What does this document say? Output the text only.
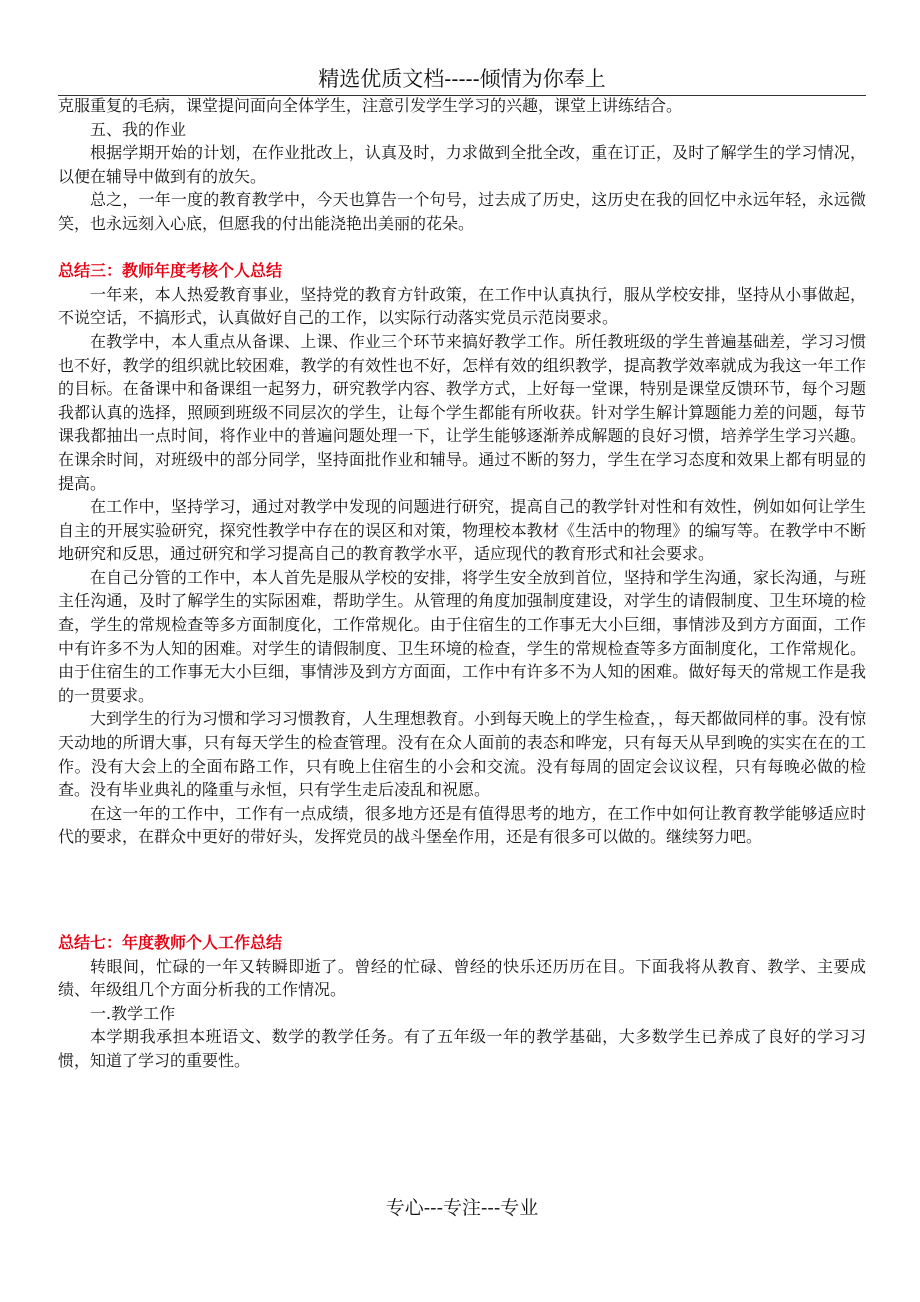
精选优质文档-----倾情为你奉上

克服重复的毛病，课堂提问面向全体学生，注意引发学生学习的兴趣，课堂上讲练结合。

五、我的作业

根据学期开始的计划，在作业批改上，认真及时，力求做到全批全改，重在订正，及时了解学生的学习情况，以便在辅导中做到有的放矢。

总之，一年一度的教育教学中，今天也算告一个句号，过去成了历史，这历史在我的回忆中永远年轻，永远微笑，也永远刻入心底，但愿我的付出能浇艳出美丽的花朵。

总结三：教师年度考核个人总结

一年来，本人热爱教育事业，坚持党的教育方针政策，在工作中认真执行，服从学校安排，坚持从小事做起，不说空话，不搞形式，认真做好自己的工作，以实际行动落实党员示范岗要求。

在教学中，本人重点从备课、上课、作业三个环节来搞好教学工作。所任教班级的学生普遍基础差，学习习惯也不好，教学的组织就比较困难，教学的有效性也不好，怎样有效的组织教学，提高教学效率就成为我这一年工作的目标。在备课中和备课组一起努力，研究教学内容、教学方式，上好每一堂课，特别是课堂反馈环节，每个习题我都认真的选择，照顾到班级不同层次的学生，让每个学生都能有所收获。针对学生解计算题能力差的问题，每节课我都抽出一点时间，将作业中的普遍问题处理一下，让学生能够逐渐养成解题的良好习惯，培养学生学习兴趣。在课余时间，对班级中的部分同学，坚持面批作业和辅导。通过不断的努力，学生在学习态度和效果上都有明显的提高。

在工作中，坚持学习，通过对教学中发现的问题进行研究，提高自己的教学针对性和有效性，例如如何让学生自主的开展实验研究，探究性教学中存在的误区和对策，物理校本教材《生活中的物理》的编写等。在教学中不断地研究和反思，通过研究和学习提高自己的教育教学水平，适应现代的教育形式和社会要求。

在自己分管的工作中，本人首先是服从学校的安排，将学生安全放到首位，坚持和学生沟通，家长沟通，与班主任沟通，及时了解学生的实际困难，帮助学生。从管理的角度加强制度建设，对学生的请假制度、卫生环境的检查，学生的常规检查等多方面制度化，工作常规化。由于住宿生的工作事无大小巨细，事情涉及到方方面面，工作中有许多不为人知的困难。对学生的请假制度、卫生环境的检查，学生的常规检查等多方面制度化，工作常规化。由于住宿生的工作事无大小巨细，事情涉及到方方面面，工作中有许多不为人知的困难。做好每天的常规工作是我的一贯要求。

大到学生的行为习惯和学习习惯教育，人生理想教育。小到每天晚上的学生检查，，每天都做同样的事。没有惊天动地的所谓大事，只有每天学生的检查管理。没有在众人面前的表态和哗宠，只有每天从早到晚的实实在在的工作。没有大会上的全面布路工作，只有晚上住宿生的小会和交流。没有每周的固定会议议程，只有每晚必做的检查。没有毕业典礼的隆重与永恒，只有学生走后凌乱和祝愿。

在这一年的工作中，工作有一点成绩，很多地方还是有值得思考的地方，在工作中如何让教育教学能够适应时代的要求，在群众中更好的带好头，发挥党员的战斗堡垒作用，还是有很多可以做的。继续努力吧。

总结七：年度教师个人工作总结

转眼间，忙碌的一年又转瞬即逝了。曾经的忙碌、曾经的快乐还历历在目。下面我将从教育、教学、主要成绩、年级组几个方面分析我的工作情况。

一.教学工作

本学期我承担本班语文、数学的教学任务。有了五年级一年的教学基础，大多数学生已养成了良好的学习习惯，知道了学习的重要性。

专心---专注---专业
